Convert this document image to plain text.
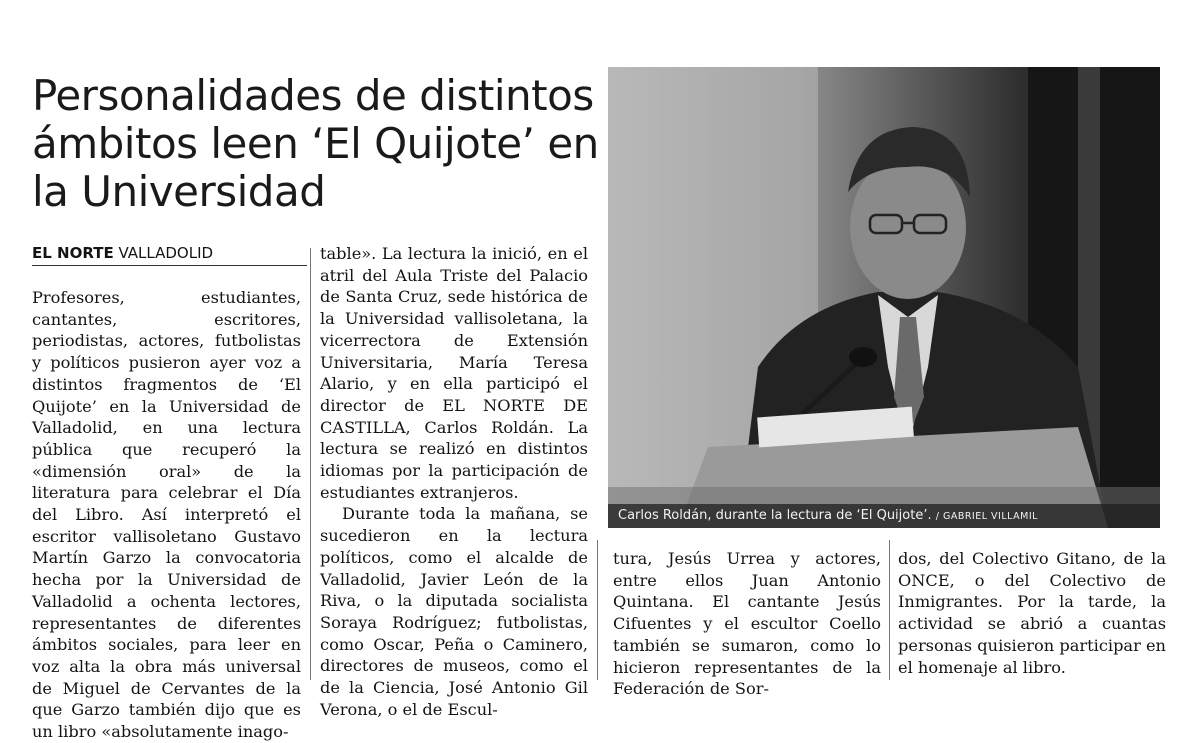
Personalidades de distintos ámbitos leen ‘El Quijote’ en la Universidad
EL NORTE VALLADOLID

Profesores, estudiantes, cantantes, escritores, periodistas, actores, futbolistas y políticos pusieron ayer voz a distintos fragmentos de ‘El Quijote’ en la Universidad de Valladolid, en una lectura pública que recuperó la «dimensión oral» de la literatura para celebrar el Día del Libro. Así interpretó el escritor vallisoletano Gustavo Martín Garzo la convocatoria hecha por la Universidad de Valladolid a ochenta lectores, representantes de diferentes ámbitos sociales, para leer en voz alta la obra más universal de Miguel de Cervantes de la que Garzo también dijo que es un libro «absolutamente inago-

table». La lectura la inició, en el atril del Aula Triste del Palacio de Santa Cruz, sede histórica de la Universidad vallisoletana, la vicerrectora de Extensión Universitaria, María Teresa Alario, y en ella participó el director de EL NORTE DE CASTILLA, Carlos Roldán. La lectura se realizó en distintos idiomas por la participación de estudiantes extranjeros.

Durante toda la mañana, se sucedieron en la lectura políticos, como el alcalde de Valladolid, Javier León de la Riva, o la diputada socialista Soraya Rodríguez; futbolistas, como Oscar, Peña o Caminero, directores de museos, como el de la Ciencia, José Antonio Gil Verona, o el de Escul-

Carlos Roldán, durante la lectura de ‘El Quijote’. / GABRIEL VILLAMIL

tura, Jesús Urrea y actores, entre ellos Juan Antonio Quintana. El cantante Jesús Cifuentes y el escultor Coello también se sumaron, como lo hicieron representantes de la Federación de Sor-

dos, del Colectivo Gitano, de la ONCE, o del Colectivo de Inmigrantes. Por la tarde, la actividad se abrió a cuantas personas quisieron participar en el homenaje al libro.
